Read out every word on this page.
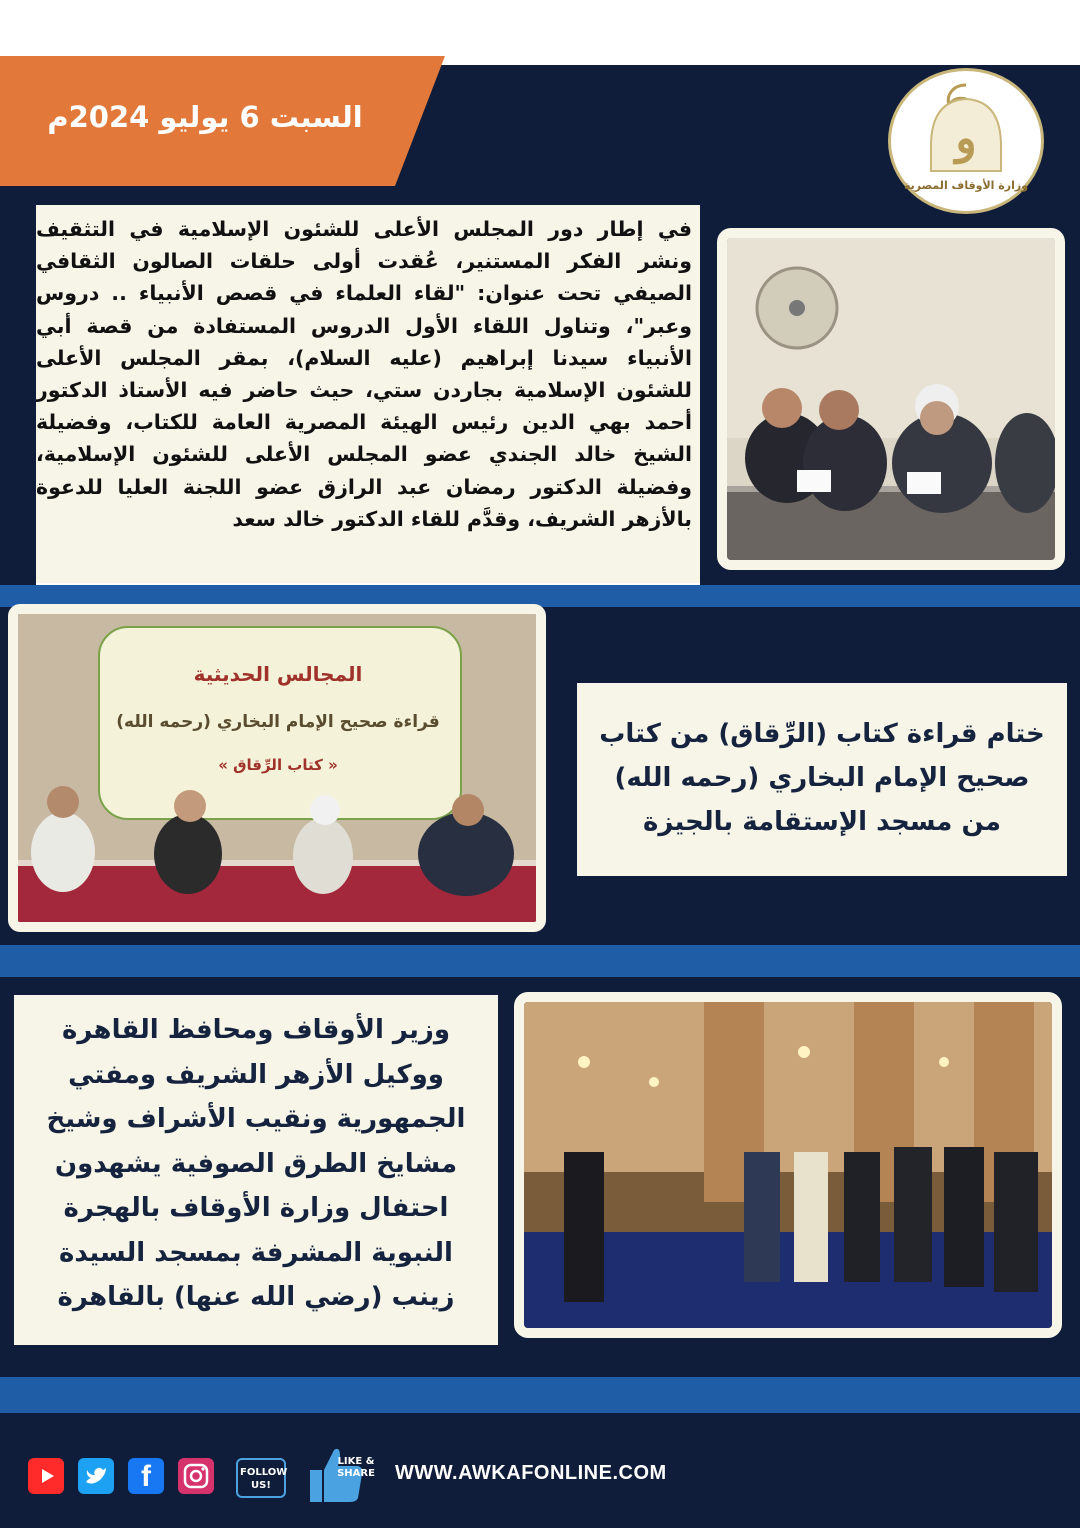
السبت 6 يوليو 2024م	و
وزارة الأوقاف المصرية
في إطار دور المجلس الأعلى للشئون الإسلامية في التثقيف ونشر الفكر المستنير، عُقدت أولى حلقات الصالون الثقافي الصيفي تحت عنوان: "لقاء العلماء في قصص الأنبياء .. دروس وعبر"، وتناول اللقاء الأول الدروس المستفادة من قصة أبي الأنبياء سيدنا إبراهيم (عليه السلام)، بمقر المجلس الأعلى للشئون الإسلامية بجاردن ستي، حيث حاضر فيه الأستاذ الدكتور أحمد بهي الدين رئيس الهيئة المصرية العامة للكتاب، وفضيلة الشيخ خالد الجندي عضو المجلس الأعلى للشئون الإسلامية، وفضيلة الدكتور رمضان عبد الرازق عضو اللجنة العليا للدعوة بالأزهر الشريف، وقدَّم للقاء الدكتور خالد سعد
المجالس الحديثية
قراءة صحيح الإمام البخاري (رحمه الله)
« كتاب الرِّقاق »
ختام قراءة كتاب (الرِّقاق) من كتاب صحيح الإمام البخاري (رحمه الله) من مسجد الإستقامة بالجيزة
وزير الأوقاف ومحافظ القاهرة ووكيل الأزهر الشريف ومفتي الجمهورية ونقيب الأشراف وشيخ مشايخ الطرق الصوفية يشهدون احتفال وزارة الأوقاف بالهجرة النبوية المشرفة بمسجد السيدة زينب (رضي الله عنها) بالقاهرة
f	FOLLOW US!
LIKE & SHARE WWW.AWKAFONLINE.COM
